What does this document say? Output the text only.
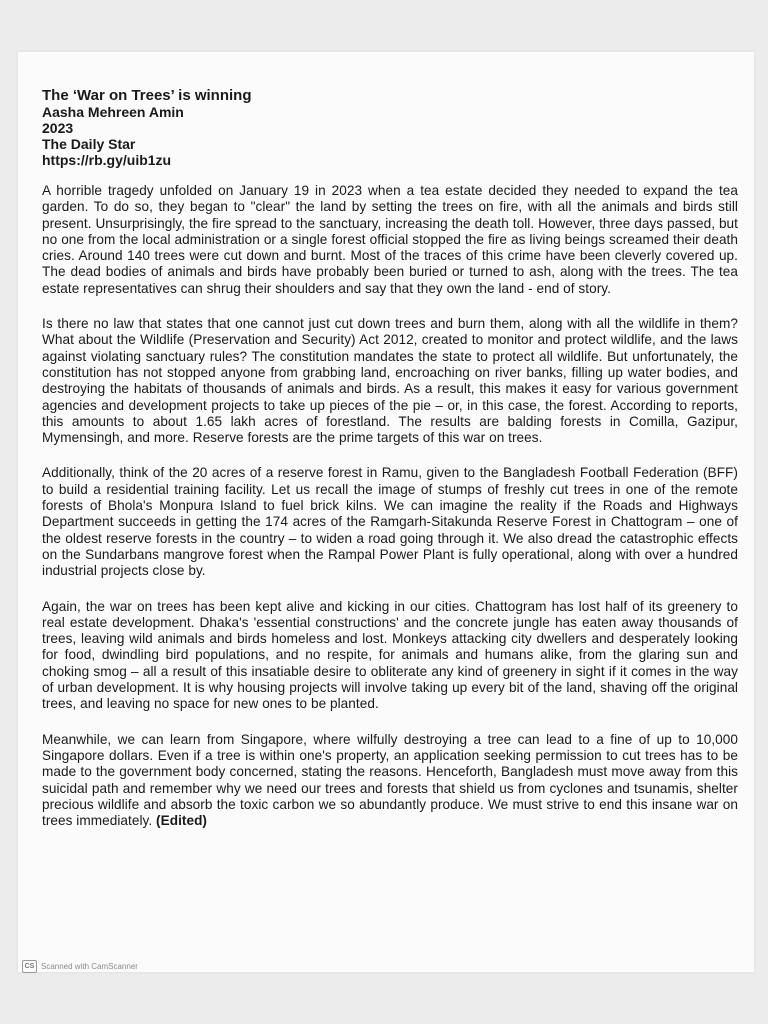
The ‘War on Trees’ is winning

Aasha Mehreen Amin

2023

The Daily Star

https://rb.gy/uib1zu

A horrible tragedy unfolded on January 19 in 2023 when a tea estate decided they needed to expand the tea garden. To do so, they began to "clear" the land by setting the trees on fire, with all the animals and birds still present. Unsurprisingly, the fire spread to the sanctuary, increasing the death toll. However, three days passed, but no one from the local administration or a single forest official stopped the fire as living beings screamed their death cries. Around 140 trees were cut down and burnt. Most of the traces of this crime have been cleverly covered up. The dead bodies of animals and birds have probably been buried or turned to ash, along with the trees. The tea estate representatives can shrug their shoulders and say that they own the land - end of story.

Is there no law that states that one cannot just cut down trees and burn them, along with all the wildlife in them? What about the Wildlife (Preservation and Security) Act 2012, created to monitor and protect wildlife, and the laws against violating sanctuary rules? The constitution mandates the state to protect all wildlife. But unfortunately, the constitution has not stopped anyone from grabbing land, encroaching on river banks, filling up water bodies, and destroying the habitats of thousands of animals and birds. As a result, this makes it easy for various government agencies and development projects to take up pieces of the pie – or, in this case, the forest. According to reports, this amounts to about 1.65 lakh acres of forestland. The results are balding forests in Comilla, Gazipur, Mymensingh, and more. Reserve forests are the prime targets of this war on trees.

Additionally, think of the 20 acres of a reserve forest in Ramu, given to the Bangladesh Football Federation (BFF) to build a residential training facility. Let us recall the image of stumps of freshly cut trees in one of the remote forests of Bhola's Monpura Island to fuel brick kilns. We can imagine the reality if the Roads and Highways Department succeeds in getting the 174 acres of the Ramgarh-Sitakunda Reserve Forest in Chattogram – one of the oldest reserve forests in the country – to widen a road going through it. We also dread the catastrophic effects on the Sundarbans mangrove forest when the Rampal Power Plant is fully operational, along with over a hundred industrial projects close by.

Again, the war on trees has been kept alive and kicking in our cities. Chattogram has lost half of its greenery to real estate development. Dhaka's 'essential constructions' and the concrete jungle has eaten away thousands of trees, leaving wild animals and birds homeless and lost. Monkeys attacking city dwellers and desperately looking for food, dwindling bird populations, and no respite, for animals and humans alike, from the glaring sun and choking smog – all a result of this insatiable desire to obliterate any kind of greenery in sight if it comes in the way of urban development. It is why housing projects will involve taking up every bit of the land, shaving off the original trees, and leaving no space for new ones to be planted.

Meanwhile, we can learn from Singapore, where wilfully destroying a tree can lead to a fine of up to 10,000 Singapore dollars. Even if a tree is within one's property, an application seeking permission to cut trees has to be made to the government body concerned, stating the reasons. Henceforth, Bangladesh must move away from this suicidal path and remember why we need our trees and forests that shield us from cyclones and tsunamis, shelter precious wildlife and absorb the toxic carbon we so abundantly produce. We must strive to end this insane war on trees immediately. (Edited)

CS Scanned with CamScanner
